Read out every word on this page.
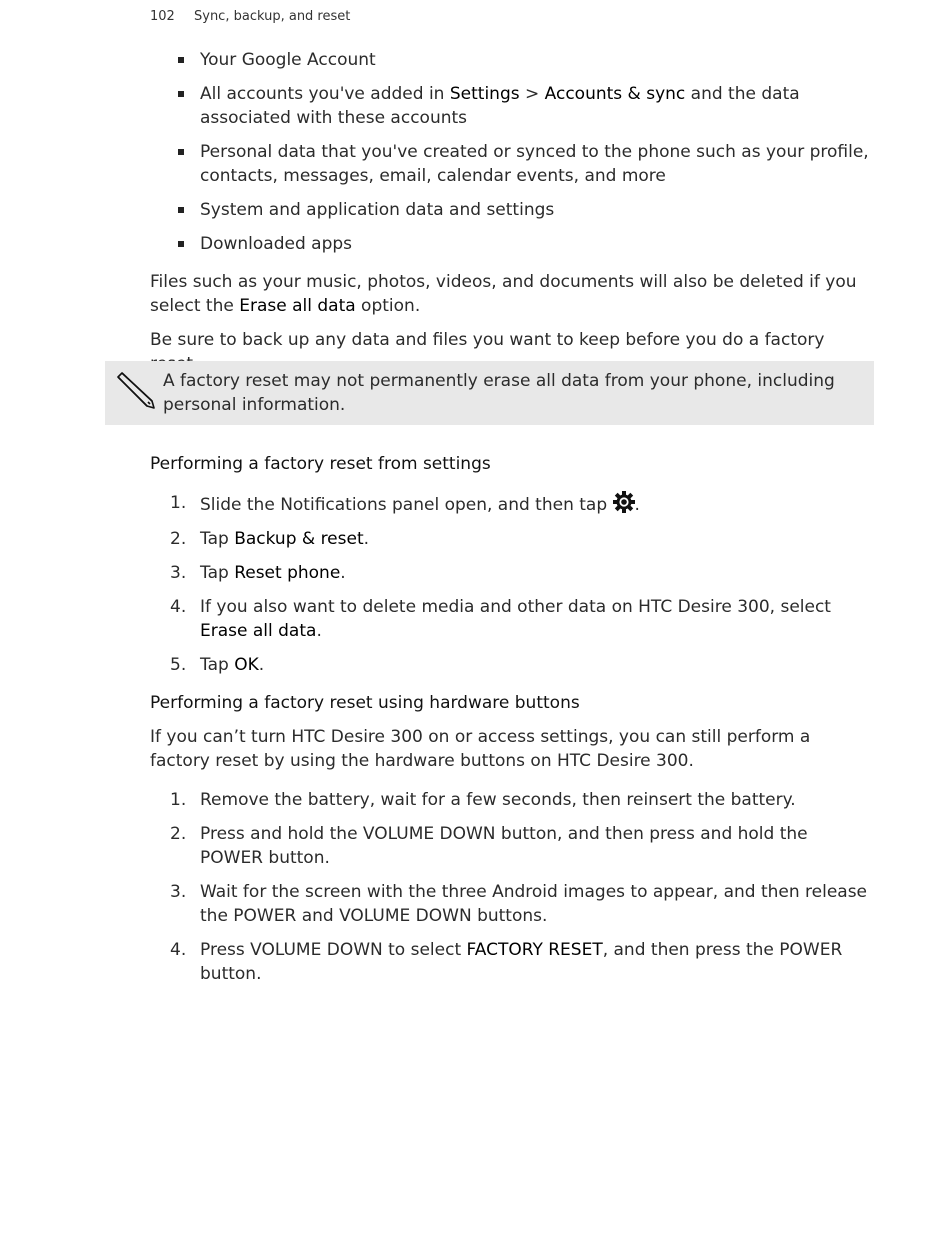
102 Sync, backup, and reset
Your Google Account
All accounts you've added in Settings > Accounts & sync and the data associated with these accounts
Personal data that you've created or synced to the phone such as your profile, contacts, messages, email, calendar events, and more
System and application data and settings
Downloaded apps

Files such as your music, photos, videos, and documents will also be deleted if you select the Erase all data option.

Be sure to back up any data and files you want to keep before you do a factory

A factory reset may not permanently erase all data from your phone, including personal information.

Performing a factory reset from settings

1. Slide the Notifications panel open, and then tap .
2. Tap Backup & reset.
3. Tap Reset phone.
4. If you also want to delete media and other data on HTC Desire 300, select Erase all data.
5. Tap OK.

Performing a factory reset using hardware buttons

If you can’t turn HTC Desire 300 on or access settings, you can still perform a factory reset by using the hardware buttons on HTC Desire 300.

1. Remove the battery, wait for a few seconds, then reinsert the battery.
2. Press and hold the VOLUME DOWN button, and then press and hold the POWER button.
3. Wait for the screen with the three Android images to appear, and then release the POWER and VOLUME DOWN buttons.
4. Press VOLUME DOWN to select FACTORY RESET, and then press the POWER button.
